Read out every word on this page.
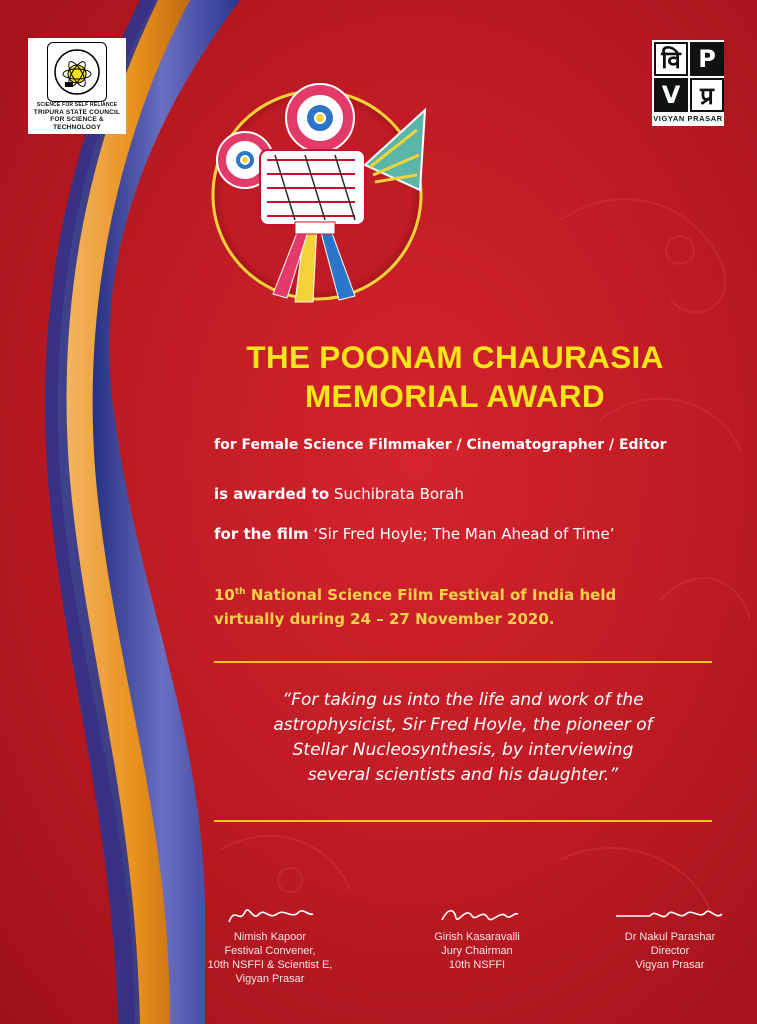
SCIENCE FOR SELF RELIANCE
TRIPURA STATE COUNCIL
FOR SCIENCE & TECHNOLOGY
वि P
V प्र
VIGYAN PRASAR
THE POONAM CHAURASIA
MEMORIAL AWARD
for Female Science Filmmaker / Cinematographer / Editor
is awarded to Suchibrata Borah
for the film ‘Sir Fred Hoyle; The Man Ahead of Time’
10th National Science Film Festival of India held
virtually during 24 – 27 November 2020.
“For taking us into the life and work of the
astrophysicist, Sir Fred Hoyle, the pioneer of
Stellar Nucleosynthesis, by interviewing
several scientists and his daughter.”
Nimish Kapoor
Festival Convener,
10th NSFFI & Scientist E,
Vigyan Prasar
Girish Kasaravalli
Jury Chairman
10th NSFFI
Dr Nakul Parashar
Director
Vigyan Prasar
